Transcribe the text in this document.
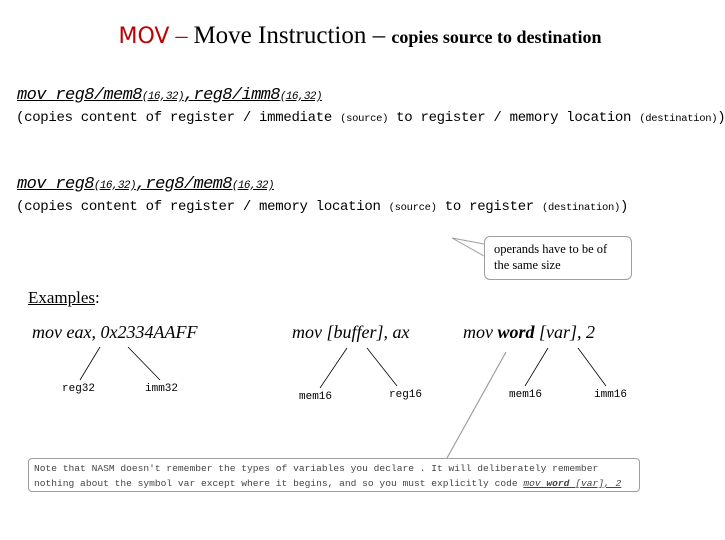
MOV – Move Instruction – copies source to destination
mov reg8/mem8(16,32),reg8/imm8(16,32)
(copies content of register / immediate (source) to register / memory location (destination))
mov reg8(16,32),reg8/mem8(16,32)
(copies content of register / memory location (source) to register (destination))
operands have to be of the same size
Examples:
mov eax, 0x2334AAFF	mov [buffer], ax	mov word [var], 2
reg32	imm32
mem16	reg16	mem16	imm16
Note that NASM doesn't remember the types of variables you declare . It will deliberately remember nothing about the symbol var except where it begins, and so you must explicitly code mov word [var], 2
